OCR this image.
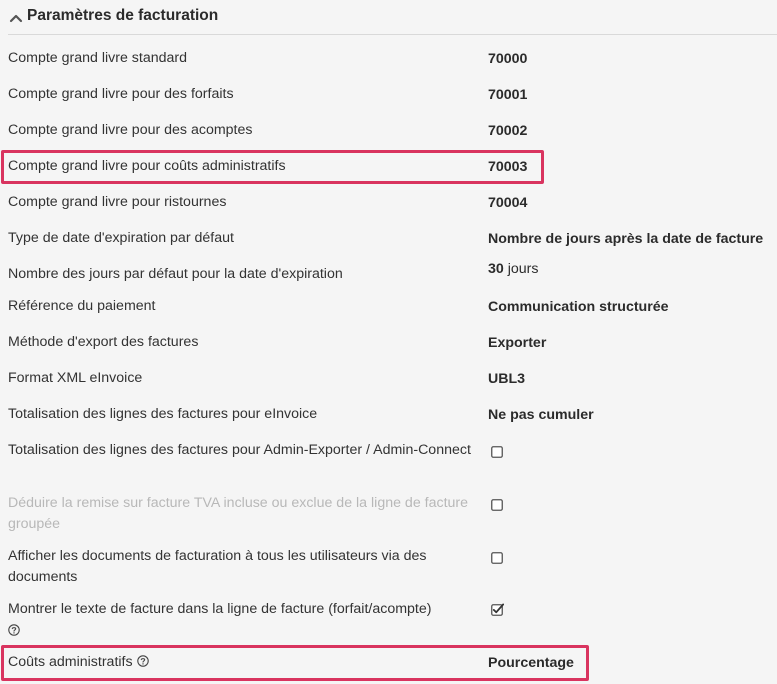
Paramètres de facturation
Compte grand livre standard	70000
Compte grand livre pour des forfaits	70001
Compte grand livre pour des acomptes	70002
Compte grand livre pour coûts administratifs	70003
Compte grand livre pour ristournes	70004
Type de date d'expiration par défaut	Nombre de jours après la date de facture
Nombre des jours par défaut pour la date d'expiration	30 jours
Référence du paiement	Communication structurée
Méthode d'export des factures	Exporter
Format XML eInvoice	UBL3
Totalisation des lignes des factures pour eInvoice	Ne pas cumuler
Totalisation des lignes des factures pour Admin-Exporter / Admin-Connect
Déduire la remise sur facture TVA incluse ou exclue de la ligne de facture groupée
Afficher les documents de facturation à tous les utilisateurs via des documents
Montrer le texte de facture dans la ligne de facture (forfait/acompte)

Coûts administratifs	Pourcentage
